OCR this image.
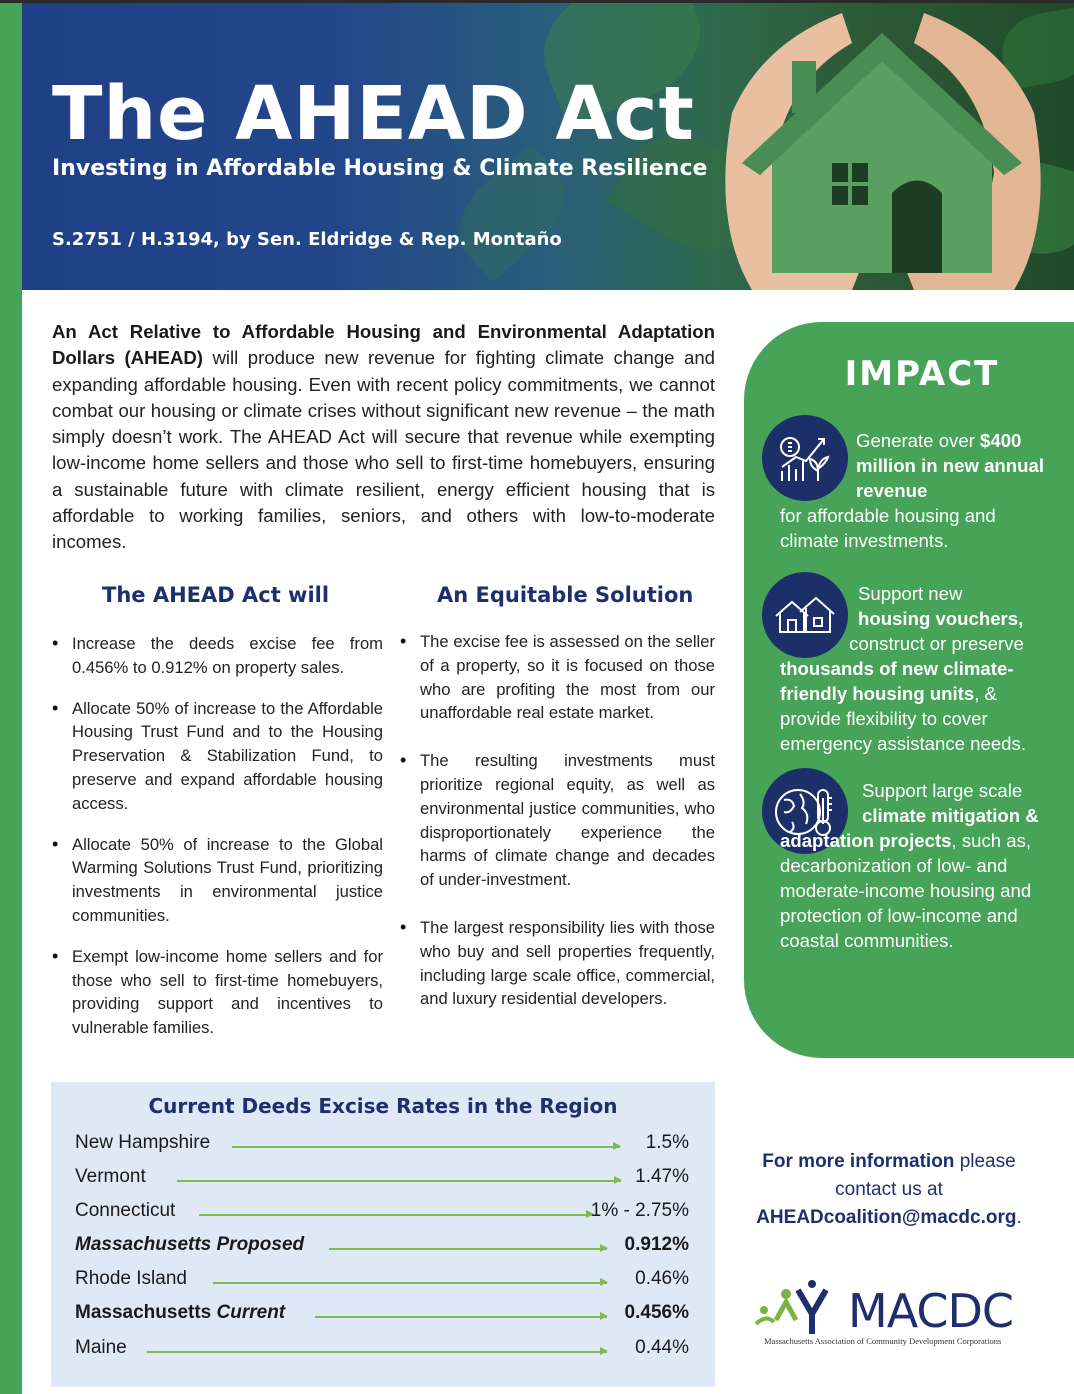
The AHEAD Act
Investing in Affordable Housing & Climate Resilience
S.2751 / H.3194, by Sen. Eldridge & Rep. Montaño

An Act Relative to Affordable Housing and Environmental Adaptation Dollars (AHEAD) will produce new revenue for fighting climate change and expanding affordable housing. Even with recent policy commitments, we cannot combat our housing or climate crises without significant new revenue – the math simply doesn’t work. The AHEAD Act will secure that revenue while exempting low-income home sellers and those who sell to first-time homebuyers, ensuring a sustainable future with climate resilient, energy efficient housing that is affordable to working families, seniors, and others with low-to-moderate incomes.

The AHEAD Act will
• Increase the deeds excise fee from 0.456% to 0.912% on property sales.
• Allocate 50% of increase to the Affordable Housing Trust Fund and to the Housing Preservation & Stabilization Fund, to preserve and expand affordable housing access.
• Allocate 50% of increase to the Global Warming Solutions Trust Fund, prioritizing investments in environmental justice communities.
• Exempt low-income home sellers and for those who sell to first-time homebuyers, providing support and incentives to vulnerable families.
An Equitable Solution
• The excise fee is assessed on the seller of a property, so it is focused on those who are profiting the most from our unaffordable real estate market.
• The resulting investments must prioritize regional equity, as well as environmental justice communities, who disproportionately experience the harms of climate change and decades of under-investment.
• The largest responsibility lies with those who buy and sell properties frequently, including large scale office, commercial, and luxury residential developers.
IMPACT
Generate over $400 million in new annual revenue
for affordable housing and climate investments.
Support new
housing vouchers,
construct or preserve thousands of new climate-friendly housing units, & provide flexibility to cover emergency assistance needs.
Support large scale
climate mitigation & adaptation projects, such as, decarbonization of low- and moderate-income housing and protection of low-income and coastal communities.
Current Deeds Excise Rates in the Region
New Hampshire	1.5%
Vermont	1.47%
Connecticut	1% - 2.75%
Massachusetts Proposed	0.912%
Rhode Island	0.46%
Massachusetts Current	0.456%
Maine	0.44%
For more information please contact us at
AHEADcoalition@macdc.org.
MACDC
Massachusetts Association of Community Development Corporations
